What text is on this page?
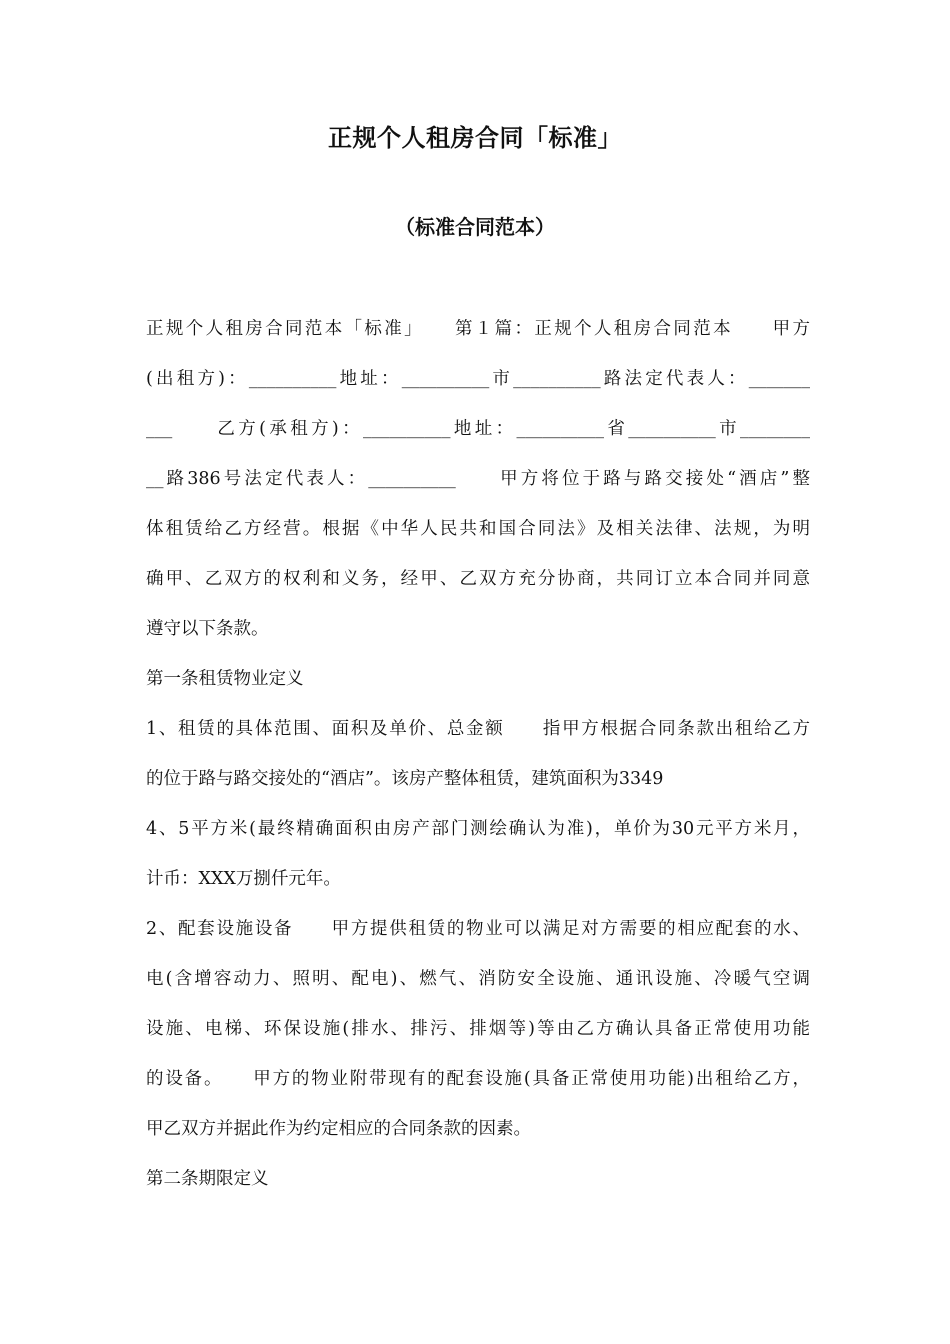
正规个人租房合同「标准」
（标准合同范本）
正规个人租房合同范本「标准」　　第１篇：正规个人租房合同范本　　甲方
(出租方)：__________地址：__________市__________路法定代表人：_______
___　　乙方(承租方)：__________地址：__________省__________市________
__路386号法定代表人：__________　　甲方将位于路与路交接处“酒店”整
体租赁给乙方经营。根据《中华人民共和国合同法》及相关法律、法规，为明
确甲、乙双方的权利和义务，经甲、乙双方充分协商，共同订立本合同并同意
遵守以下条款。
第一条租赁物业定义
1、租赁的具体范围、面积及单价、总金额　　指甲方根据合同条款出租给乙方
的位于路与路交接处的“酒店”。该房产整体租赁，建筑面积为3349
4、5平方米(最终精确面积由房产部门测绘确认为准)，单价为30元平方米月，
计币：XXX万捌仟元年。
2、配套设施设备　　甲方提供租赁的物业可以满足对方需要的相应配套的水、
电(含增容动力、照明、配电)、燃气、消防安全设施、通讯设施、冷暖气空调
设施、电梯、环保设施(排水、排污、排烟等)等由乙方确认具备正常使用功能
的设备。　　甲方的物业附带现有的配套设施(具备正常使用功能)出租给乙方，
甲乙双方并据此作为约定相应的合同条款的因素。
第二条期限定义
